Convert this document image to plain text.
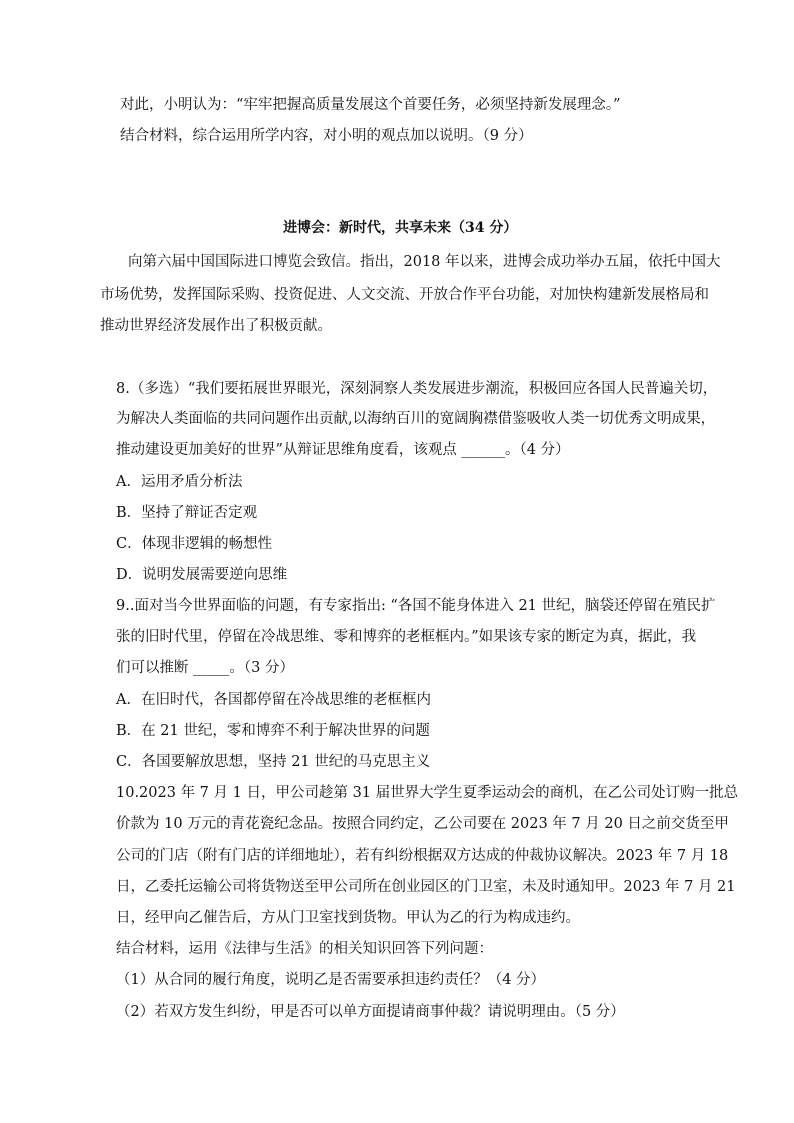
对此，小明认为：“牢牢把握高质量发展这个首要任务，必须坚持新发展理念。”
结合材料，综合运用所学内容，对小明的观点加以说明。（9 分）
进博会：新时代，共享未来（34 分）
向第六届中国国际进口博览会致信。指出，2018 年以来，进博会成功举办五届，依托中国大
市场优势，发挥国际采购、投资促进、人文交流、开放合作平台功能，对加快构建新发展格局和
推动世界经济发展作出了积极贡献。
8.（多选）“我们要拓展世界眼光，深刻洞察人类发展进步潮流，积极回应各国人民普遍关切，
为解决人类面临的共同问题作出贡献,以海纳百川的宽阔胸襟借鉴吸收人类一切优秀文明成果，
推动建设更加美好的世界”从辩证思维角度看，该观点 ______。（4 分）
A．运用矛盾分析法
B．坚持了辩证否定观
C．体现非逻辑的畅想性
D．说明发展需要逆向思维
9..面对当今世界面临的问题，有专家指出: “各国不能身体进入 21 世纪，脑袋还停留在殖民扩
张的旧时代里，停留在冷战思维、零和博弈的老框框内。”如果该专家的断定为真，据此，我
们可以推断 _____。（3 分）
A．在旧时代，各国都停留在冷战思维的老框框内
B．在 21 世纪，零和博弈不利于解决世界的问题
C．各国要解放思想，坚持 21 世纪的马克思主义
10.2023 年 7 月 1 日，甲公司趁第 31 届世界大学生夏季运动会的商机，在乙公司处订购一批总
价款为 10 万元的青花瓷纪念品。按照合同约定，乙公司要在 2023 年 7 月 20 日之前交货至甲
公司的门店（附有门店的详细地址），若有纠纷根据双方达成的仲裁协议解决。2023 年 7 月 18
日，乙委托运输公司将货物送至甲公司所在创业园区的门卫室，未及时通知甲。2023 年 7 月 21
日，经甲向乙催告后，方从门卫室找到货物。甲认为乙的行为构成违约。
结合材料，运用《法律与生活》的相关知识回答下列问题：
（1）从合同的履行角度，说明乙是否需要承担违约责任？（4 分）
（2）若双方发生纠纷，甲是否可以单方面提请商事仲裁？请说明理由。（5 分）
